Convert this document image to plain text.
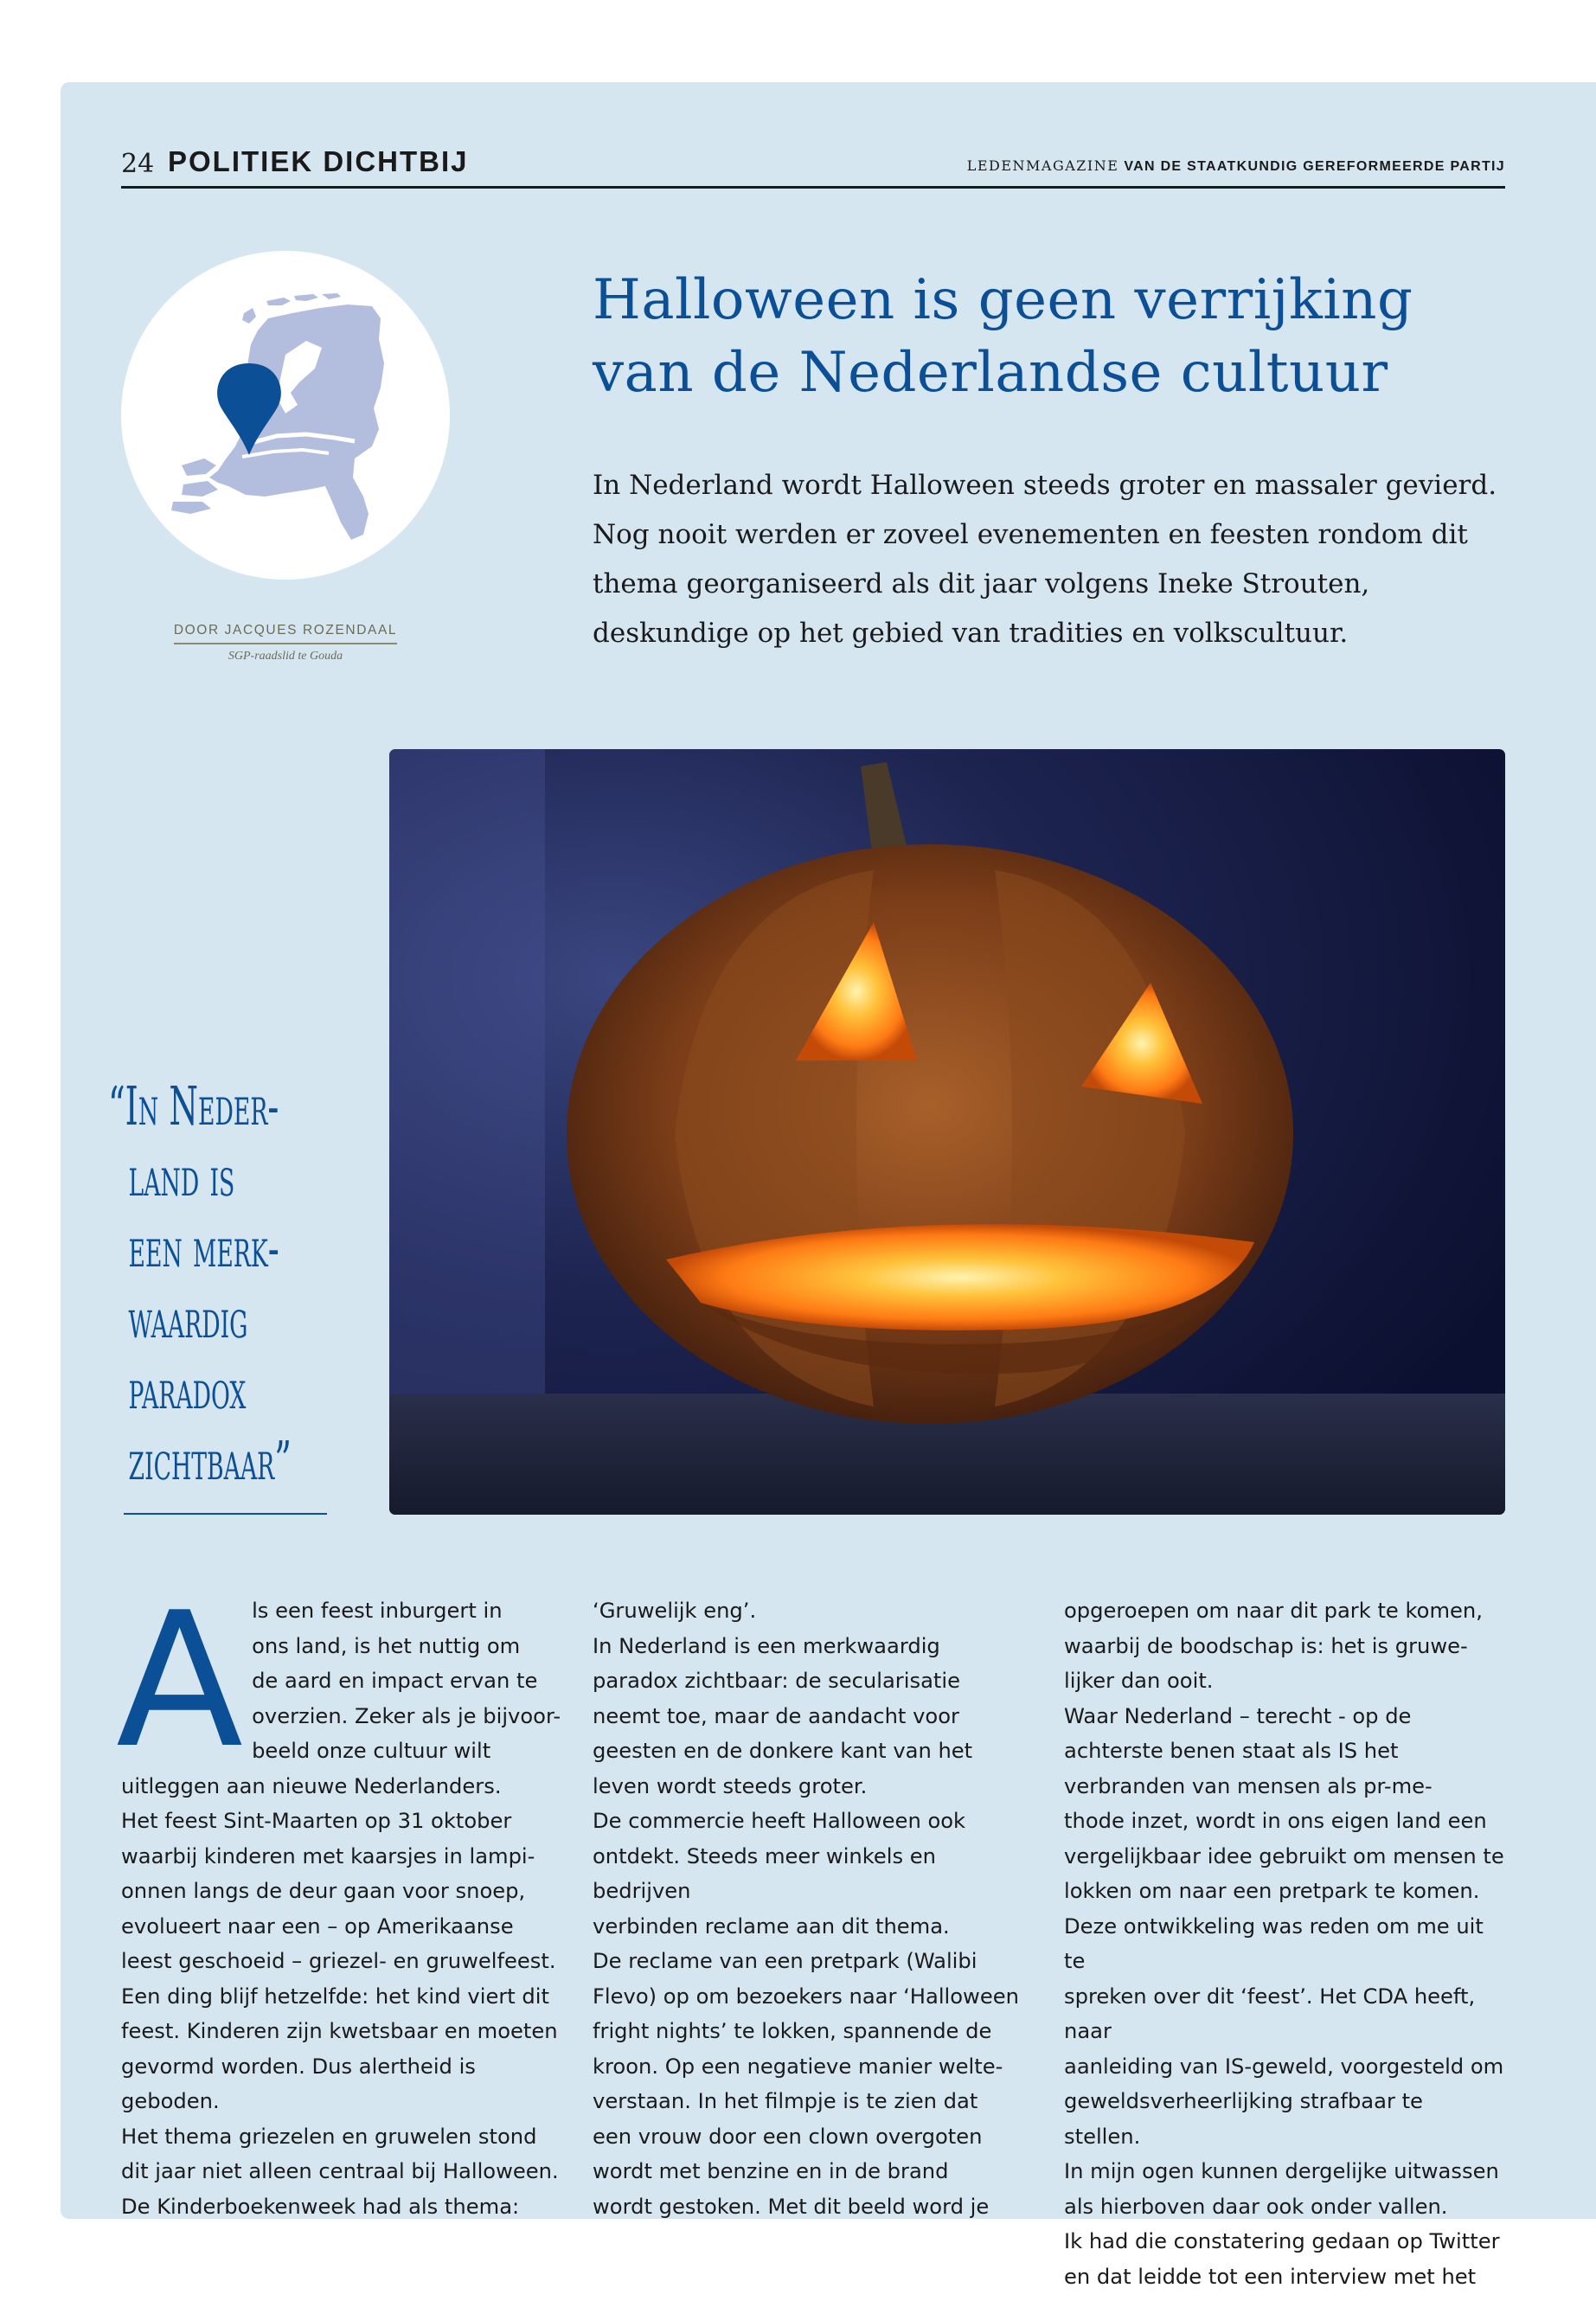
24 POLITIEK DICHTBIJ	LEDENMAGAZINE VAN DE STAATKUNDIG GEREFORMEERDE PARTIJ
DOOR JACQUES ROZENDAAL
SGP-raadslid te Gouda
Halloween is geen verrijking
van de Nederlandse cultuur
In Nederland wordt Halloween steeds groter en massaler gevierd. Nog nooit werden er zoveel evenementen en feesten rondom dit thema georganiseerd als dit jaar volgens Ineke Strouten, deskundige op het gebied van tradities en volkscultuur.
“In Neder-
land is
een merk-
waardig
paradox
zichtbaar”
A ls een feest inburgert in

ons land, is het nuttig om

de aard en impact ervan te

overzien. Zeker als je bijvoor-

beeld onze cultuur wilt

uitleggen aan nieuwe Nederlanders.

Het feest Sint-Maarten op 31 oktober

waarbij kinderen met kaarsjes in lampi-

onnen langs de deur gaan voor snoep,

evolueert naar een – op Amerikaanse

leest geschoeid – griezel- en gruwelfeest.

Een ding blijf hetzelfde: het kind viert dit

feest. Kinderen zijn kwetsbaar en moeten

gevormd worden. Dus alertheid is geboden.

Het thema griezelen en gruwelen stond

dit jaar niet alleen centraal bij Halloween.

De Kinderboekenweek had als thema:

‘Gruwelijk eng’.

In Nederland is een merkwaardig

paradox zichtbaar: de secularisatie

neemt toe, maar de aandacht voor

geesten en de donkere kant van het

leven wordt steeds groter.

De commercie heeft Halloween ook

ontdekt. Steeds meer winkels en bedrijven

verbinden reclame aan dit thema.

De reclame van een pretpark (Walibi

Flevo) op om bezoekers naar ‘Halloween

fright nights’ te lokken, spannende de

kroon. Op een negatieve manier welte-

verstaan. In het filmpje is te zien dat

een vrouw door een clown overgoten

wordt met benzine en in de brand

wordt gestoken. Met dit beeld word je

opgeroepen om naar dit park te komen,

waarbij de boodschap is: het is gruwe-

lijker dan ooit.

Waar Nederland – terecht - op de

achterste benen staat als IS het

verbranden van mensen als pr-me-

thode inzet, wordt in ons eigen land een

vergelijkbaar idee gebruikt om mensen te

lokken om naar een pretpark te komen.

Deze ontwikkeling was reden om me uit te

spreken over dit ‘feest’. Het CDA heeft, naar

aanleiding van IS-geweld, voorgesteld om

geweldsverheerlijking strafbaar te stellen.

In mijn ogen kunnen dergelijke uitwassen

als hierboven daar ook onder vallen.

Ik had die constatering gedaan op Twitter

en dat leidde tot een interview met het
